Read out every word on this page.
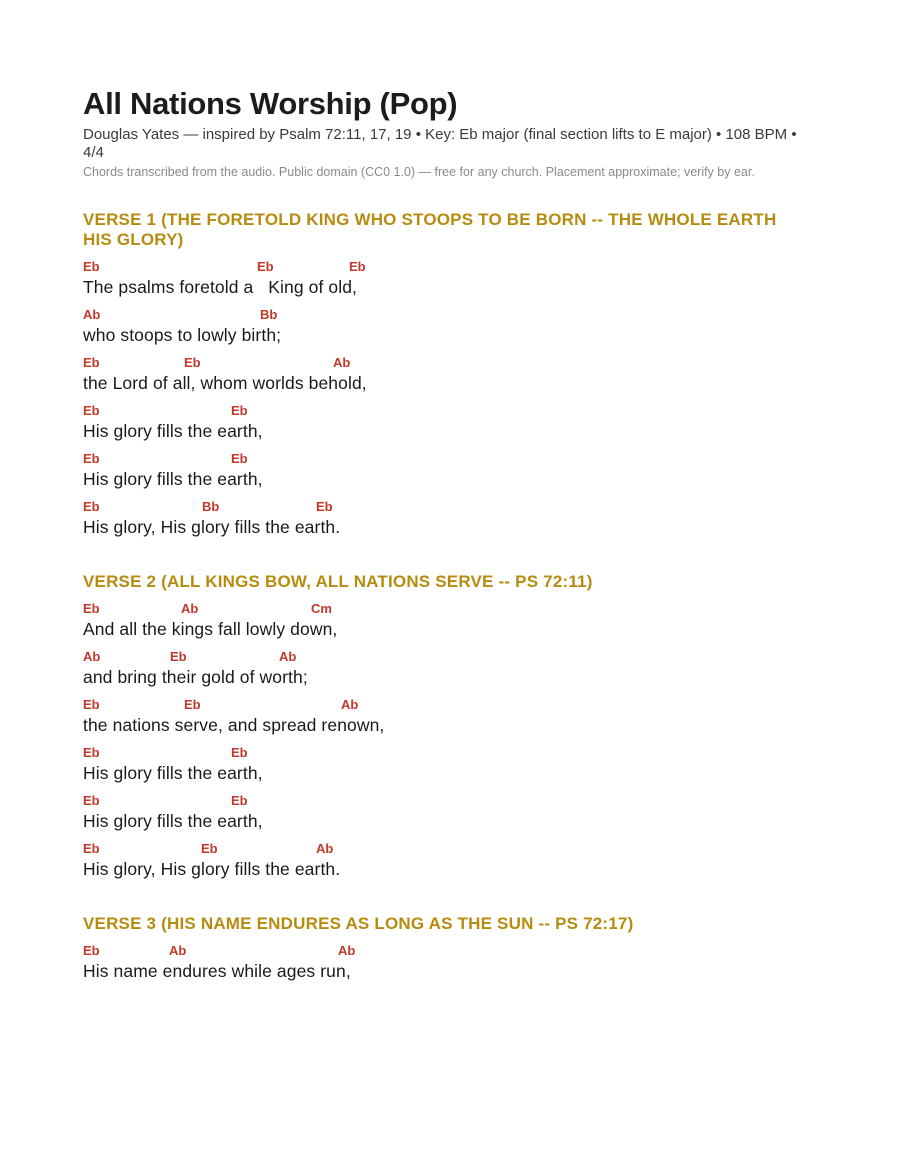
All Nations Worship (Pop)
Douglas Yates — inspired by Psalm 72:11, 17, 19 • Key: Eb major (final section lifts to E major) • 108 BPM • 4/4
Chords transcribed from the audio. Public domain (CC0 1.0) — free for any church. Placement approximate; verify by ear.
VERSE 1 (THE FORETOLD KING WHO STOOPS TO BE BORN -- THE WHOLE EARTH HIS GLORY)
Eb	Eb	Eb
The psalms foretold a   King of old,
Ab	Bb
who stoops to lowly birth;
Eb	Eb	Ab
the Lord of all, whom worlds behold,
Eb	Eb
His glory fills the earth,
Eb	Eb
His glory fills the earth,
Eb	Bb	Eb
His glory, His glory fills the earth.
VERSE 2 (ALL KINGS BOW, ALL NATIONS SERVE -- PS 72:11)
Eb	Ab	Cm
And all the kings fall lowly down,
Ab	Eb	Ab
and bring their gold of worth;
Eb	Eb	Ab
the nations serve, and spread renown,
Eb	Eb
His glory fills the earth,
Eb	Eb
His glory fills the earth,
Eb	Eb	Ab
His glory, His glory fills the earth.
VERSE 3 (HIS NAME ENDURES AS LONG AS THE SUN -- PS 72:17)
Eb	Ab	Ab
His name endures while ages run,
